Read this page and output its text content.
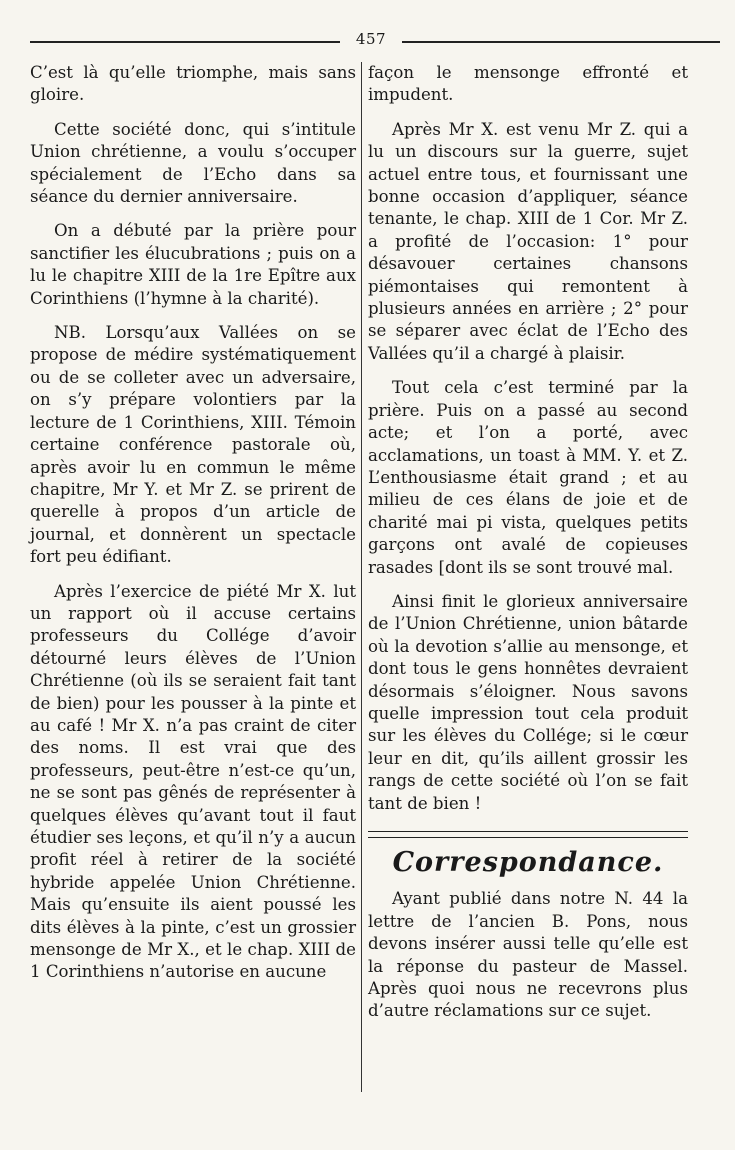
457

C’est là qu’elle triomphe, mais sans gloire.

Cette société donc, qui s’intitule Union chrétienne, a voulu s’occuper spécialement de l’Echo dans sa séance du dernier anniversaire.

On a débuté par la prière pour sanctifier les élucubrations ; puis on a lu le chapitre XIII de la 1re Epître aux Corinthiens (l’hymne à la charité).

NB. Lorsqu’aux Vallées on se propose de médire systématiquement ou de se colleter avec un adversaire, on s’y prépare volontiers par la lecture de 1 Corinthiens, XIII. Témoin certaine conférence pastorale où, après avoir lu en commun le même chapitre, Mr Y. et Mr Z. se prirent de querelle à propos d’un article de journal, et donnèrent un spectacle fort peu édifiant.

Après l’exercice de piété Mr X. lut un rapport où il accuse certains professeurs du Collége d’avoir détourné leurs élèves de l’Union Chrétienne (où ils se seraient fait tant de bien) pour les pousser à la pinte et au café ! Mr X. n’a pas craint de citer des noms. Il est vrai que des professeurs, peut-être n’est-ce qu’un, ne se sont pas gênés de représenter à quelques élèves qu’avant tout il faut étudier ses leçons, et qu’il n’y a aucun profit réel à retirer de la société hybride appelée Union Chrétienne. Mais qu’ensuite ils aient poussé les dits élèves à la pinte, c’est un grossier mensonge de Mr X., et le chap. XIII de 1 Corinthiens n’autorise en aucune

façon le mensonge effronté et impudent.

Après Mr X. est venu Mr Z. qui a lu un discours sur la guerre, sujet actuel entre tous, et fournissant une bonne occasion d’appliquer, séance tenante, le chap. XIII de 1 Cor. Mr Z. a profité de l’occasion: 1° pour désavouer certaines chansons piémontaises qui remontent à plusieurs années en arrière ; 2° pour se séparer avec éclat de l’Echo des Vallées qu’il a chargé à plaisir.

Tout cela c’est terminé par la prière. Puis on a passé au second acte; et l’on a porté, avec acclamations, un toast à MM. Y. et Z. L’enthousiasme était grand ; et au milieu de ces élans de joie et de charité mai pi vista, quelques petits garçons ont avalé de copieuses rasades [dont ils se sont trouvé mal.

Ainsi finit le glorieux anniversaire de l’Union Chrétienne, union bâtarde où la devotion s’allie au mensonge, et dont tous le gens honnêtes devraient désormais s’éloigner. Nous savons quelle impression tout cela produit sur les élèves du Collége; si le cœur leur en dit, qu’ils aillent grossir les rangs de cette société où l’on se fait tant de bien !

Correspondance.

Ayant publié dans notre N. 44 la lettre de l’ancien B. Pons, nous devons insérer aussi telle qu’elle est la réponse du pasteur de Massel. Après quoi nous ne recevrons plus d’autre réclamations sur ce sujet.
